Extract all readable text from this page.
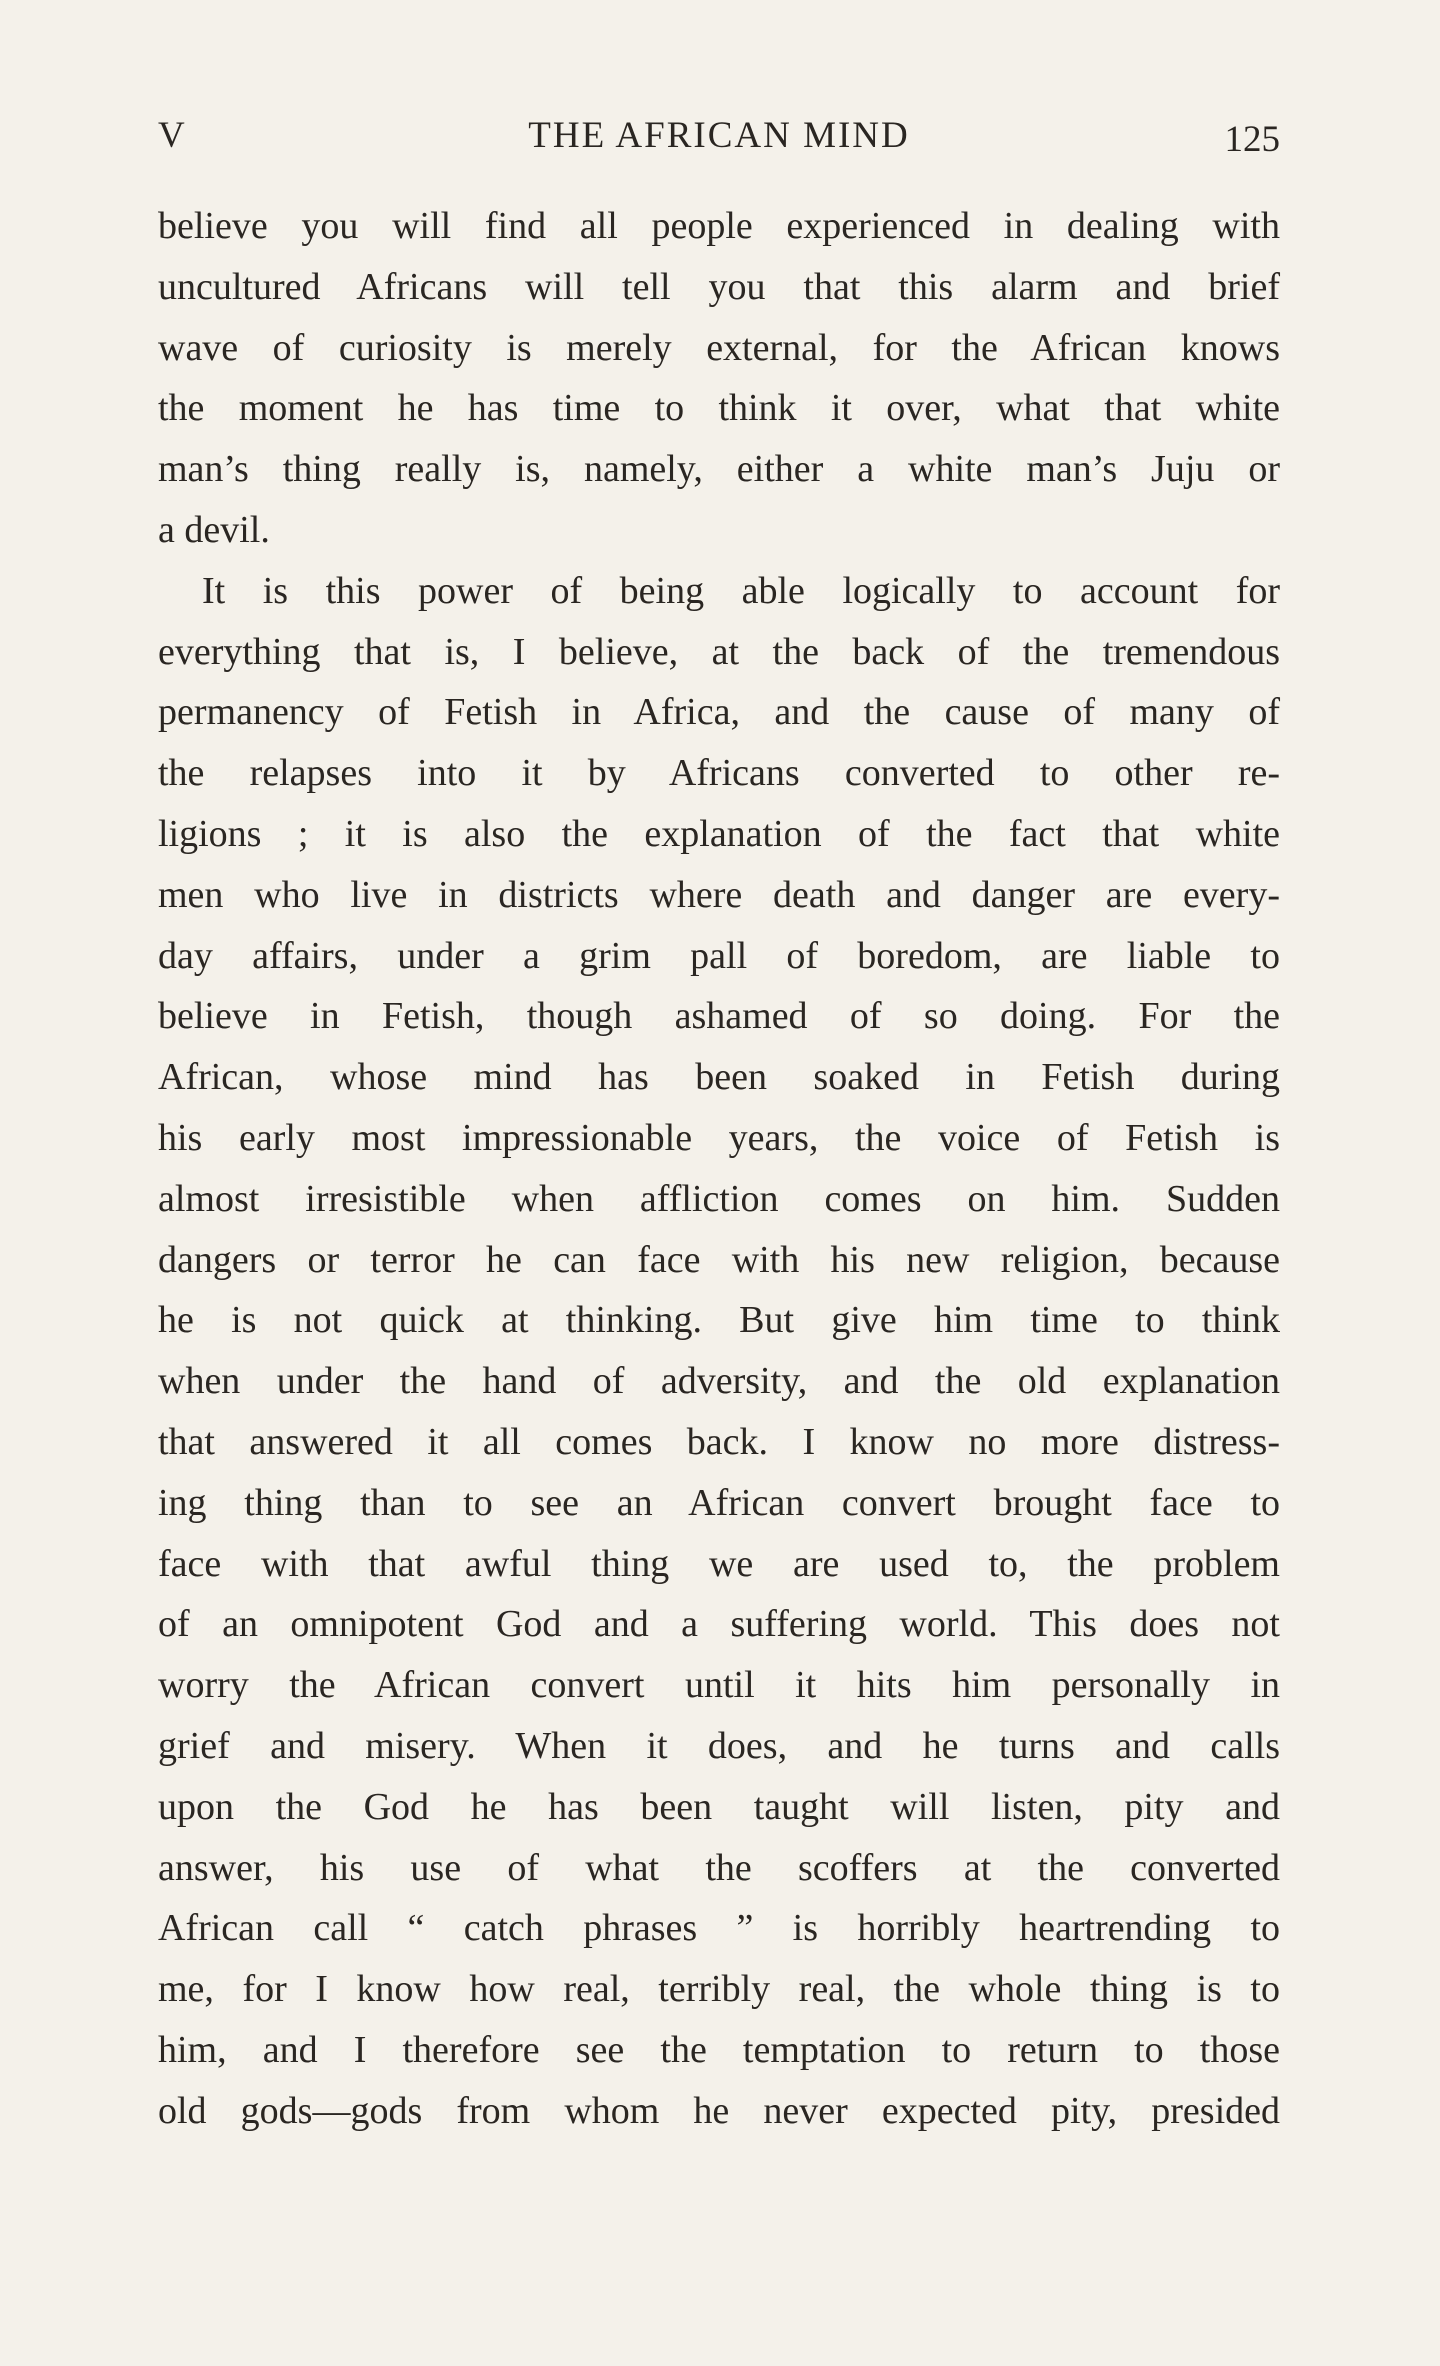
V	THE AFRICAN MIND	125
believe you will find all people experienced in dealing with
uncultured Africans will tell you that this alarm and brief
wave of curiosity is merely external, for the African knows
the moment he has time to think it over, what that white
man’s thing really is, namely, either a white man’s Juju or
a devil.
It is this power of being able logically to account for
everything that is, I believe, at the back of the tremendous
permanency of Fetish in Africa, and the cause of many of
the relapses into it by Africans converted to other re-
ligions ; it is also the explanation of the fact that white
men who live in districts where death and danger are every-
day affairs, under a grim pall of boredom, are liable to
believe in Fetish, though ashamed of so doing. For the
African, whose mind has been soaked in Fetish during
his early most impressionable years, the voice of Fetish is
almost irresistible when affliction comes on him. Sudden
dangers or terror he can face with his new religion, because
he is not quick at thinking. But give him time to think
when under the hand of adversity, and the old explanation
that answered it all comes back. I know no more distress-
ing thing than to see an African convert brought face to
face with that awful thing we are used to, the problem
of an omnipotent God and a suffering world. This does not
worry the African convert until it hits him personally in
grief and misery. When it does, and he turns and calls
upon the God he has been taught will listen, pity and
answer, his use of what the scoffers at the converted
African call “ catch phrases ” is horribly heartrending to
me, for I know how real, terribly real, the whole thing is to
him, and I therefore see the temptation to return to those
old gods—gods from whom he never expected pity, presided
